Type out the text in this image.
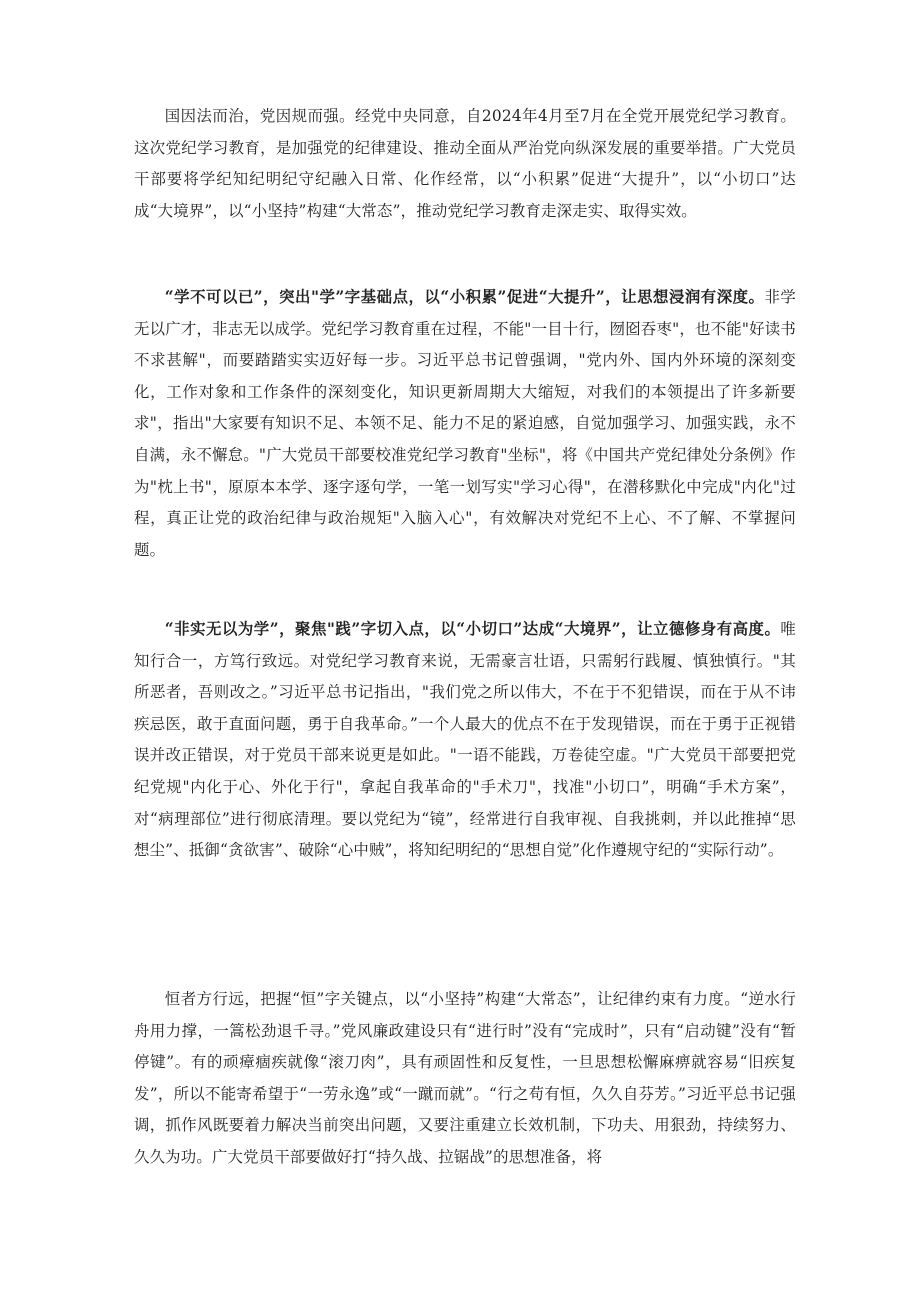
国因法而治，党因规而强。经党中央同意，自2024年4月至7月在全党开展党纪学习教育。这次党纪学习教育，是加强党的纪律建设、推动全面从严治党向纵深发展的重要举措。广大党员干部要将学纪知纪明纪守纪融入日常、化作经常，以“小积累”促进“大提升”，以“小切口”达成“大境界”，以“小坚持”构建“大常态”，推动党纪学习教育走深走实、取得实效。

“学不可以已”，突出"学”字基础点，以“小积累”促进“大提升”，让思想浸润有深度。非学无以广才，非志无以成学。党纪学习教育重在过程，不能"一目十行，囫囵吞枣"，也不能"好读书不求甚解"，而要踏踏实实迈好每一步。习近平总书记曾强调，"党内外、国内外环境的深刻变化，工作对象和工作条件的深刻变化，知识更新周期大大缩短，对我们的本领提出了许多新要求"，指出"大家要有知识不足、本领不足、能力不足的紧迫感，自觉加强学习、加强实践，永不自满，永不懈怠。"广大党员干部要校准党纪学习教育"坐标"，将《中国共产党纪律处分条例》作为"枕上书"，原原本本学、逐字逐句学，一笔一划写实"学习心得"，在潜移默化中完成"内化"过程，真正让党的政治纪律与政治规矩"入脑入心"，有效解决对党纪不上心、不了解、不掌握问题。

“非实无以为学”，聚焦"践”字切入点，以“小切口”达成“大境界”，让立德修身有高度。唯知行合一，方笃行致远。对党纪学习教育来说，无需豪言壮语，只需躬行践履、慎独慎行。"其所恶者，吾则改之。”习近平总书记指出，"我们党之所以伟大，不在于不犯错误，而在于从不讳疾忌医，敢于直面问题，勇于自我革命。”一个人最大的优点不在于发现错误，而在于勇于正视错误并改正错误，对于党员干部来说更是如此。"一语不能践，万卷徒空虚。"广大党员干部要把党纪党规"内化于心、外化于行"，拿起自我革命的"手术刀"，找准"小切口”，明确“手术方案”，对“病理部位”进行彻底清理。要以党纪为“镜”，经常进行自我审视、自我挑刺，并以此推掉“思想尘”、抵御“贪欲害”、破除“心中贼”，将知纪明纪的“思想自觉”化作遵规守纪的“实际行动”。

恒者方行远，把握“恒”字关键点，以“小坚持”构建“大常态”，让纪律约束有力度。“逆水行舟用力撑，一篙松劲退千寻。”党风廉政建设只有“进行时”没有“完成时”，只有“启动键”没有“暂停键”。有的顽瘴痼疾就像“滚刀肉”，具有顽固性和反复性，一旦思想松懈麻痹就容易“旧疾复发”，所以不能寄希望于“一劳永逸”或“一蹴而就”。“行之苟有恒，久久自芬芳。”习近平总书记强调，抓作风既要着力解决当前突出问题，又要注重建立长效机制，下功夫、用狠劲，持续努力、久久为功。广大党员干部要做好打“持久战、拉锯战”的思想准备，将
